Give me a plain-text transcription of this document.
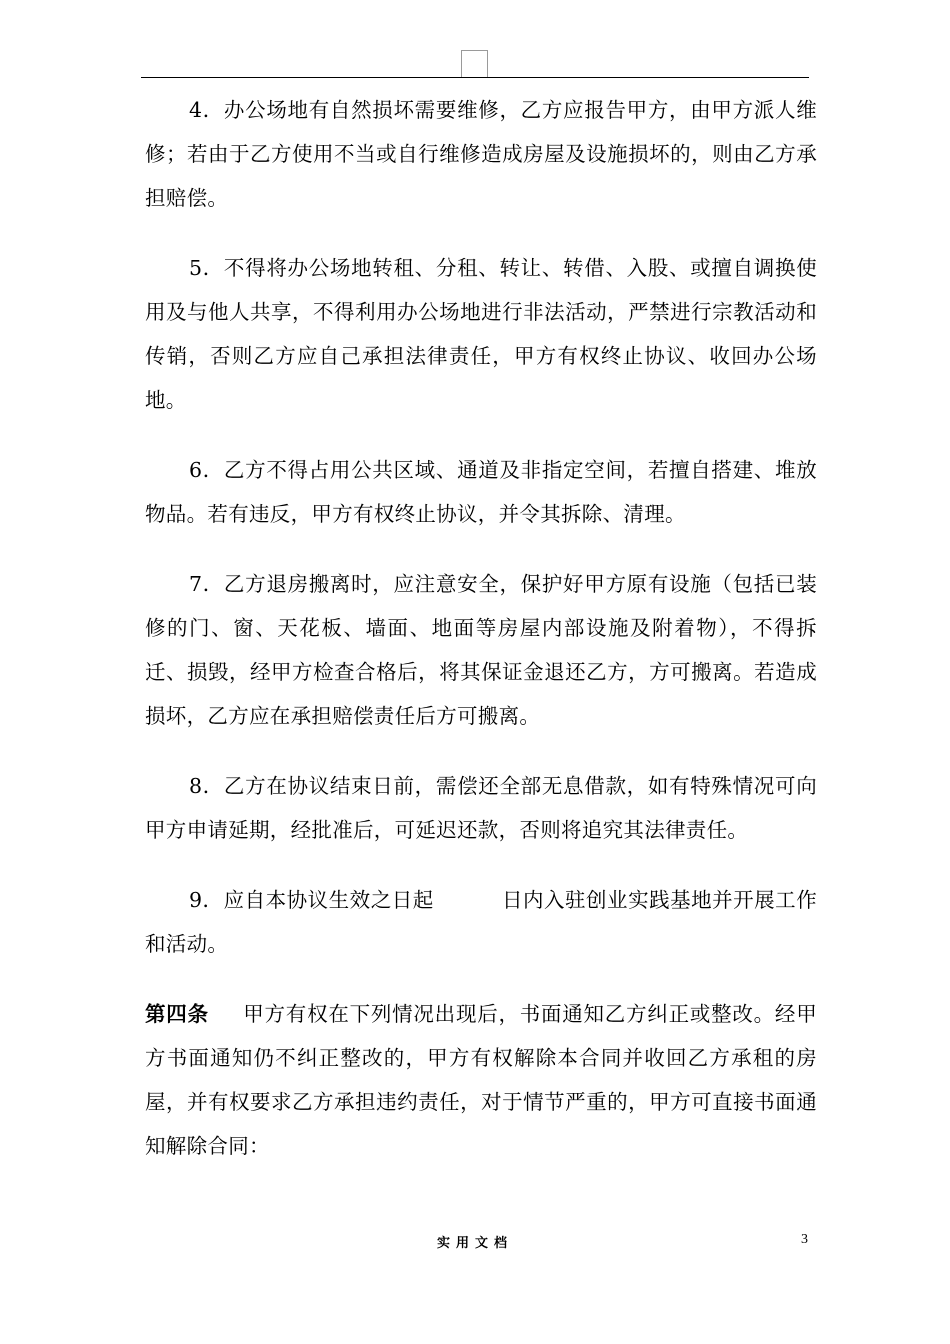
4．办公场地有自然损坏需要维修，乙方应报告甲方，由甲方派人维修；若由于乙方使用不当或自行维修造成房屋及设施损坏的，则由乙方承担赔偿。

5．不得将办公场地转租、分租、转让、转借、入股、或擅自调换使用及与他人共享，不得利用办公场地进行非法活动，严禁进行宗教活动和传销，否则乙方应自己承担法律责任，甲方有权终止协议、收回办公场地。

6．乙方不得占用公共区域、通道及非指定空间，若擅自搭建、堆放物品。若有违反，甲方有权终止协议，并令其拆除、清理。

7．乙方退房搬离时，应注意安全，保护好甲方原有设施（包括已装修的门、窗、天花板、墙面、地面等房屋内部设施及附着物），不得拆迁、损毁，经甲方检查合格后，将其保证金退还乙方，方可搬离。若造成损坏，乙方应在承担赔偿责任后方可搬离。

8．乙方在协议结束日前，需偿还全部无息借款，如有特殊情况可向甲方申请延期，经批准后，可延迟还款，否则将追究其法律责任。

9．应自本协议生效之日起	日内入驻创业实践基地并开展工作和活动。

第四条 甲方有权在下列情况出现后，书面通知乙方纠正或整改。经甲方书面通知仍不纠正整改的，甲方有权解除本合同并收回乙方承租的房屋，并有权要求乙方承担违约责任，对于情节严重的，甲方可直接书面通知解除合同：

实用文档	3
